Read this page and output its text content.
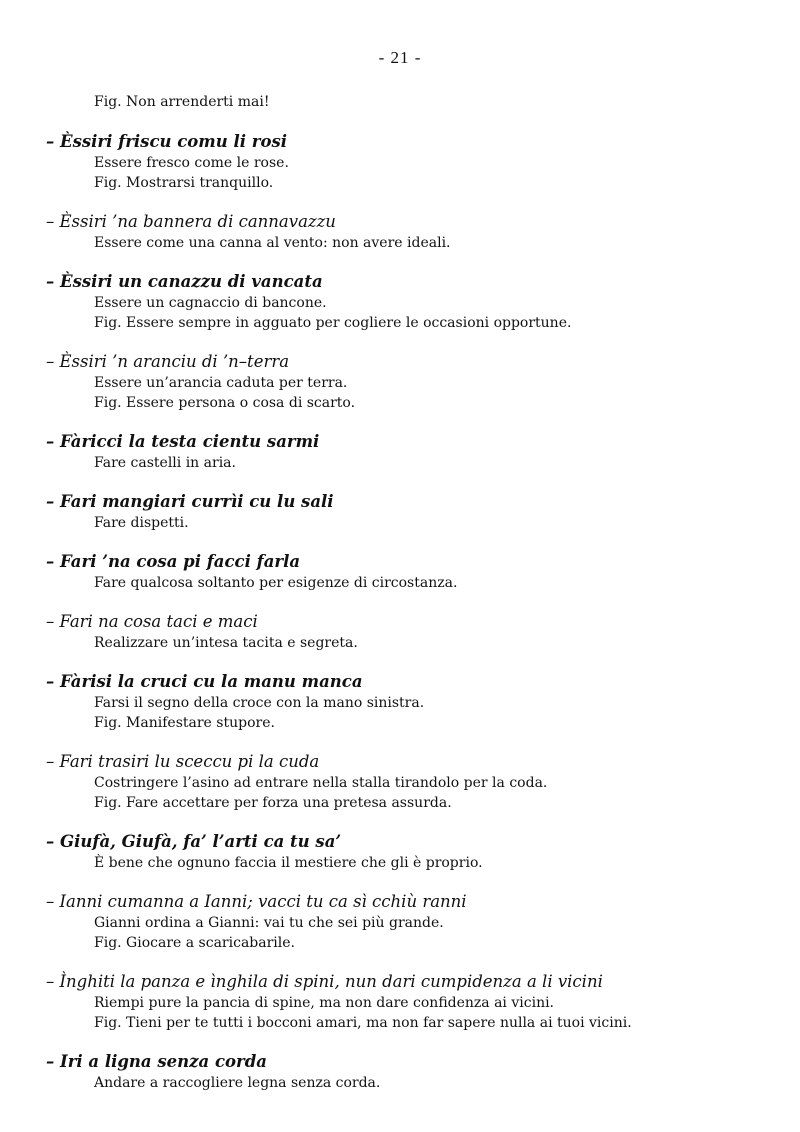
- 21 -
Fig. Non arrenderti mai!
– Èssiri friscu comu li rosi
Essere fresco come le rose.
Fig. Mostrarsi tranquillo.
– Èssiri ’na bannera di cannavazzu
Essere come una canna al vento: non avere ideali.
– Èssiri un canazzu di vancata
Essere un cagnaccio di bancone.
Fig. Essere sempre in agguato per cogliere le occasioni opportune.
– Èssiri ’n aranciu di ’n–terra
Essere un’arancia caduta per terra.
Fig. Essere persona o cosa di scarto.
– Fàricci la testa cientu sarmi
Fare castelli in aria.
– Fari mangiari currìi cu lu sali
Fare dispetti.
– Fari ’na cosa pi facci farla
Fare qualcosa soltanto per esigenze di circostanza.
– Fari na cosa taci e maci
Realizzare un’intesa tacita e segreta.
– Fàrisi la cruci cu la manu manca
Farsi il segno della croce con la mano sinistra.
Fig. Manifestare stupore.
– Fari trasiri lu sceccu pi la cuda
Costringere l’asino ad entrare nella stalla tirandolo per la coda.
Fig. Fare accettare per forza una pretesa assurda.
– Giufà, Giufà, fa’ l’arti ca tu sa’
È bene che ognuno faccia il mestiere che gli è proprio.
– Ianni cumanna a Ianni; vacci tu ca sì cchiù ranni
Gianni ordina a Gianni: vai tu che sei più grande.
Fig. Giocare a scaricabarile.
– Ìnghiti la panza e ìnghila di spini, nun dari cumpidenza a li vicini
Riempi pure la pancia di spine, ma non dare confidenza ai vicini.
Fig. Tieni per te tutti i bocconi amari, ma non far sapere nulla ai tuoi vicini.
– Iri a ligna senza corda
Andare a raccogliere legna senza corda.
